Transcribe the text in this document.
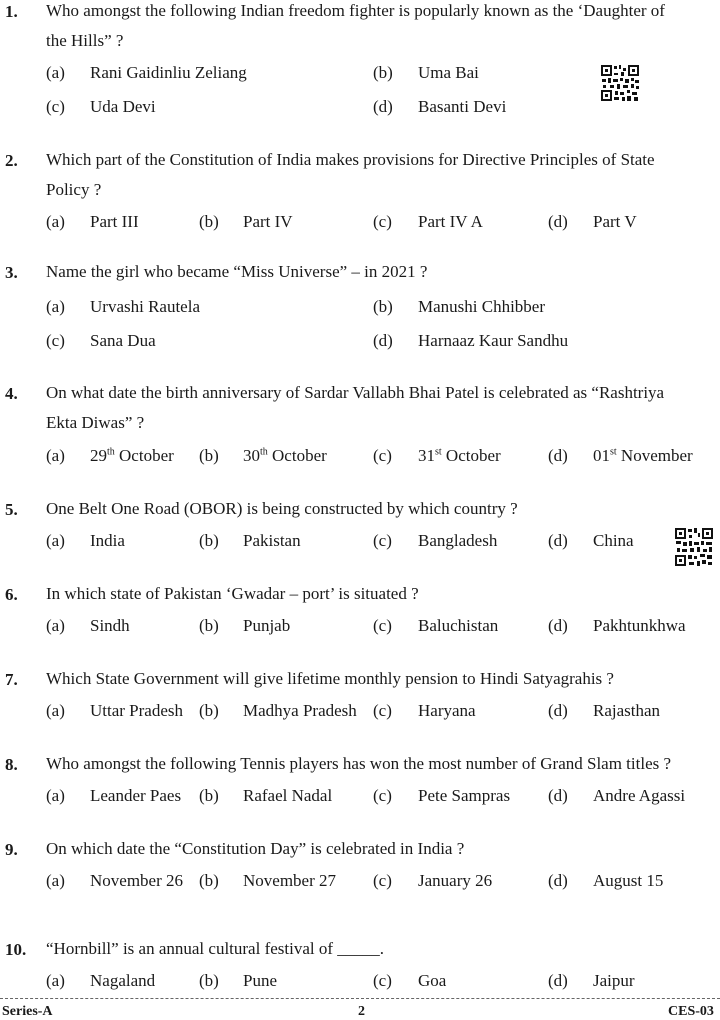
1. Who amongst the following Indian freedom fighter is popularly known as the ‘Daughter of
the Hills” ?
(a) Rani Gaidinliu Zeliang	(b) Uma Bai
(c) Uda Devi	(d) Basanti Devi
2. Which part of the Constitution of India makes provisions for Directive Principles of State
Policy ?
(a) Part III	(b) Part IV	(c) Part IV A	(d) Part V
3. Name the girl who became “Miss Universe” – in 2021 ?
(a) Urvashi Rautela	(b) Manushi Chhibber
(c) Sana Dua	(d) Harnaaz Kaur Sandhu
4. On what date the birth anniversary of Sardar Vallabh Bhai Patel is celebrated as “Rashtriya
Ekta Diwas” ?
(a) 29th October (b) 30th October	(c) 31st October	(d) 01st November
5. One Belt One Road (OBOR) is being constructed by which country ?
(a) India	(b) Pakistan	(c) Bangladesh	(d) China
6. In which state of Pakistan ‘Gwadar – port’ is situated ?
(a) Sindh	(b) Punjab	(c) Baluchistan	(d) Pakhtunkhwa
7. Which State Government will give lifetime monthly pension to Hindi Satyagrahis ?
(a) Uttar Pradesh (b) Madhya Pradesh (c) Haryana	(d) Rajasthan
8. Who amongst the following Tennis players has won the most number of Grand Slam titles ?
(a) Leander Paes (b) Rafael Nadal (c) Pete Sampras (d) Andre Agassi
9. On which date the “Constitution Day” is celebrated in India ?
(a) November 26 (b) November 27 (c) January 26	(d) August 15
10. “Hornbill” is an annual cultural festival of _____.
(a) Nagaland	(b) Pune	(c) Goa	(d) Jaipur
Series-A	2	CES-03
